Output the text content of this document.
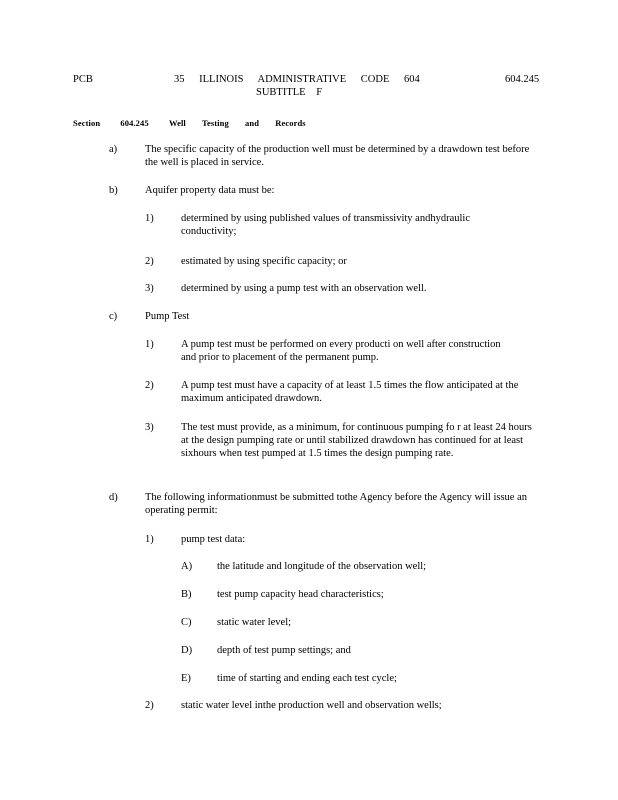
PCB	35 ILLINOIS ADMINISTRATIVE CODE 604
SUBTITLE F
604.245
Section 604.245 Well Testing and Records
a)	The specific capacity of the production well must be determined by a drawdown test before the well is placed in service.
b)	Aquifer property data must be:
1)	determined by using published values of transmissivity andhydraulic conductivity;
2)	estimated by using specific capacity; or
3)	determined by using a pump test with an observation well.
c)	Pump Test
1)	A pump test must be performed on every producti on well after construction and prior to placement of the permanent pump.
2)	A pump test must have a capacity of at least 1.5 times the flow anticipated at the maximum anticipated drawdown.
3)	The test must provide, as a minimum, for continuous pumping fo r at least 24 hours at the design pumping rate or until stabilized drawdown has continued for at least sixhours when test pumped at 1.5 times the design pumping rate.
d)	The following informationmust be submitted tothe Agency before the Agency will issue an operating permit:
1)	pump test data:
A) the latitude and longitude of the observation well;
B) test pump capacity head characteristics;
C) static water level;
D) depth of test pump settings; and
E) time of starting and ending each test cycle;
2)	static water level inthe production well and observation wells;
